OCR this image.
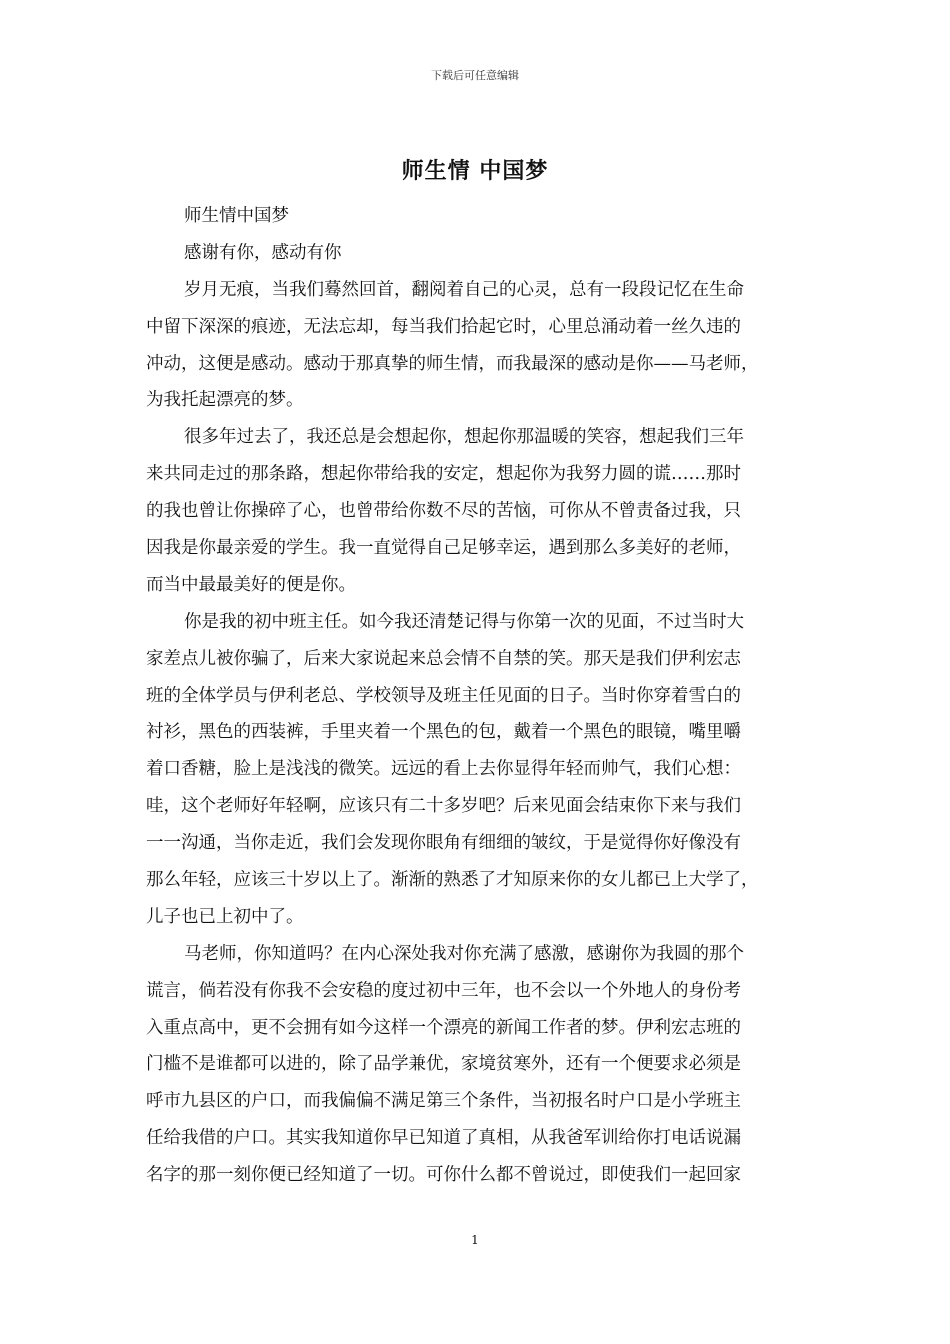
下载后可任意编辑
师生情 中国梦
师生情中国梦
感谢有你，感动有你
岁月无痕，当我们蓦然回首，翻阅着自己的心灵，总有一段段记忆在生命
中留下深深的痕迹，无法忘却，每当我们拾起它时，心里总涌动着一丝久违的
冲动，这便是感动。感动于那真挚的师生情，而我最深的感动是你——马老师，
为我托起漂亮的梦。
很多年过去了，我还总是会想起你，想起你那温暖的笑容，想起我们三年
来共同走过的那条路，想起你带给我的安定，想起你为我努力圆的谎……那时
的我也曾让你操碎了心，也曾带给你数不尽的苦恼，可你从不曾责备过我，只
因我是你最亲爱的学生。我一直觉得自己足够幸运，遇到那么多美好的老师，
而当中最最美好的便是你。
你是我的初中班主任。如今我还清楚记得与你第一次的见面，不过当时大
家差点儿被你骗了，后来大家说起来总会情不自禁的笑。那天是我们伊利宏志
班的全体学员与伊利老总、学校领导及班主任见面的日子。当时你穿着雪白的
衬衫，黑色的西装裤，手里夹着一个黑色的包，戴着一个黑色的眼镜，嘴里嚼
着口香糖，脸上是浅浅的微笑。远远的看上去你显得年轻而帅气，我们心想：
哇，这个老师好年轻啊，应该只有二十多岁吧？后来见面会结束你下来与我们
一一沟通，当你走近，我们会发现你眼角有细细的皱纹，于是觉得你好像没有
那么年轻，应该三十岁以上了。渐渐的熟悉了才知原来你的女儿都已上大学了，
儿子也已上初中了。
马老师，你知道吗？在内心深处我对你充满了感激，感谢你为我圆的那个
谎言，倘若没有你我不会安稳的度过初中三年，也不会以一个外地人的身份考
入重点高中，更不会拥有如今这样一个漂亮的新闻工作者的梦。伊利宏志班的
门槛不是谁都可以进的，除了品学兼优，家境贫寒外，还有一个便要求必须是
呼市九县区的户口，而我偏偏不满足第三个条件，当初报名时户口是小学班主
任给我借的户口。其实我知道你早已知道了真相，从我爸军训给你打电话说漏
名字的那一刻你便已经知道了一切。可你什么都不曾说过，即使我们一起回家
1
